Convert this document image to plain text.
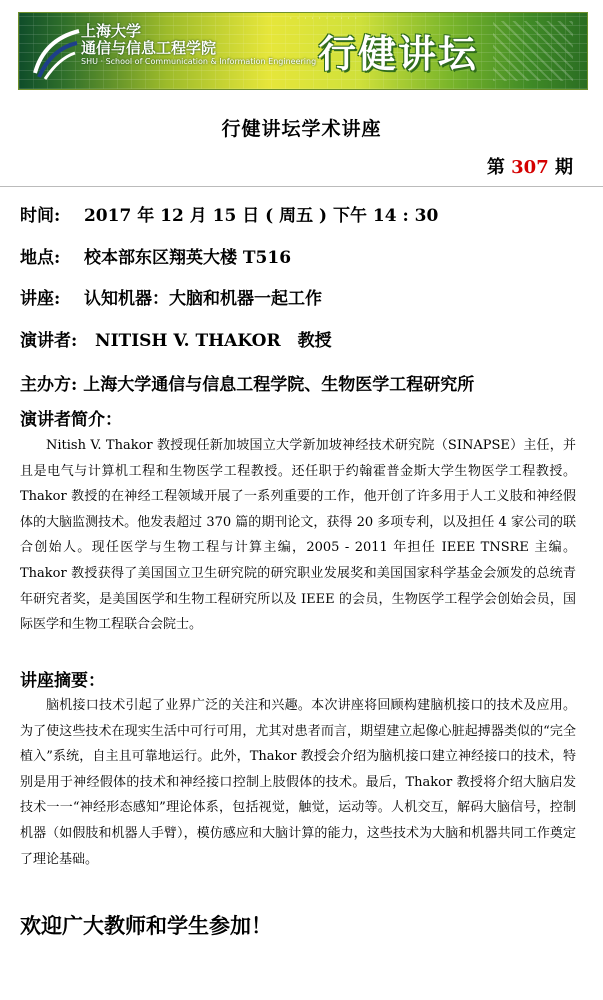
· · · · · · · · · ·
上海大学
通信与信息工程学院
SHU · School of Communication & Information Engineering 行健讲坛
行健讲坛学术讲座
第 307 期
时间: 2017 年 12 月 15 日 ( 周五 ) 下午 14 : 30
地点: 校本部东区翔英大楼 T516
讲座: 认知机器：大脑和机器一起工作
演讲者: NITISH V. THAKOR　教授
主办方: 上海大学通信与信息工程学院、生物医学工程研究所
演讲者简介：

Nitish V. Thakor 教授现任新加坡国立大学新加坡神经技术研究院（SINAPSE）主任，并且是电气与计算机工程和生物医学工程教授。还任职于约翰霍普金斯大学生物医学工程教授。Thakor 教授的在神经工程领域开展了一系列重要的工作，他开创了许多用于人工义肢和神经假体的大脑监测技术。他发表超过 370 篇的期刊论文，获得 20 多项专利，以及担任 4 家公司的联合创始人。现任医学与生物工程与计算主编，2005 - 2011 年担任 IEEE TNSRE 主编。Thakor 教授获得了美国国立卫生研究院的研究职业发展奖和美国国家科学基金会颁发的总统青年研究者奖，是美国医学和生物工程研究所以及 IEEE 的会员，生物医学工程学会创始会员，国际医学和生物工程联合会院士。

讲座摘要：

脑机接口技术引起了业界广泛的关注和兴趣。本次讲座将回顾构建脑机接口的技术及应用。为了使这些技术在现实生活中可行可用，尤其对患者而言，期望建立起像心脏起搏器类似的“完全植入”系统，自主且可靠地运行。此外，Thakor 教授会介绍为脑机接口建立神经接口的技术，特别是用于神经假体的技术和神经接口控制上肢假体的技术。最后，Thakor 教授将介绍大脑启发技术一一“神经形态感知”理论体系，包括视觉，触觉，运动等。人机交互，解码大脑信号，控制机器（如假肢和机器人手臂），模仿感应和大脑计算的能力，这些技术为大脑和机器共同工作奠定了理论基础。

欢迎广大教师和学生参加！
